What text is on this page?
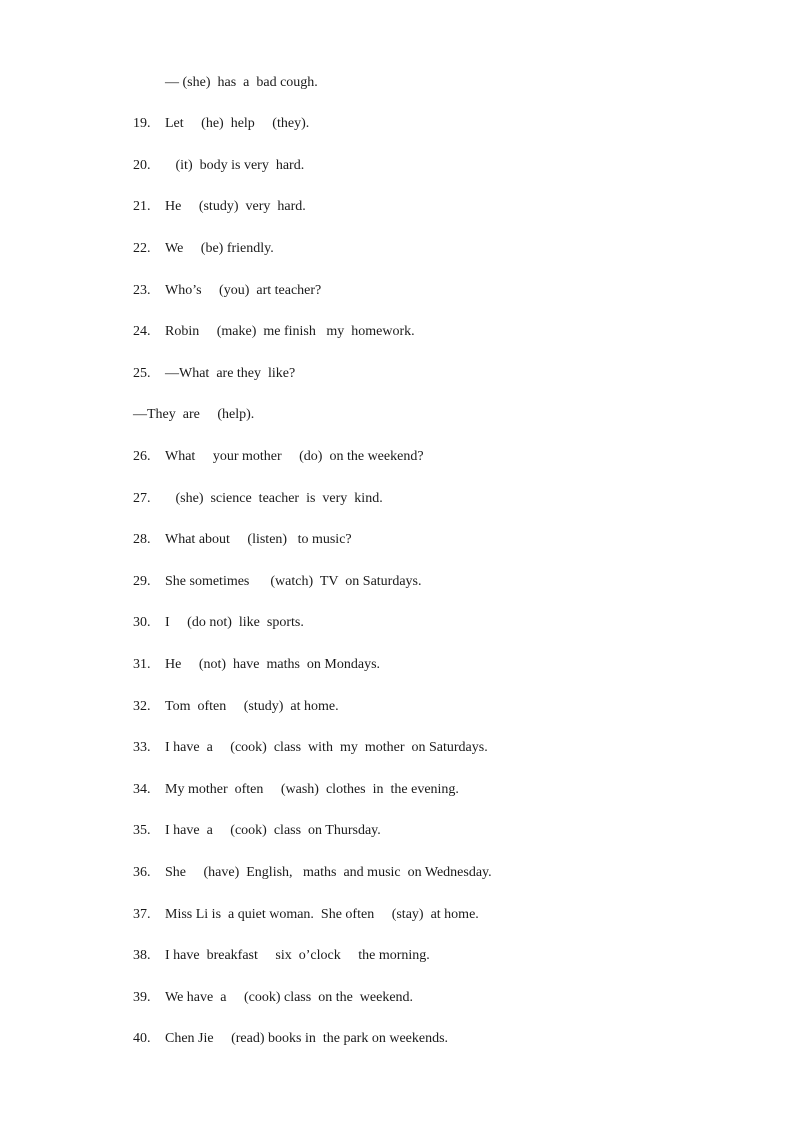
— (she)  has  a  bad cough.
19. Let     (he)  help     (they).
20.   (it)  body is very  hard.
21. He     (study)  very  hard.
22. We     (be) friendly.
23. Who’s     (you)  art teacher?
24. Robin     (make)  me finish   my  homework.
25. —What  are they  like?
—They  are     (help).
26. What     your mother     (do)  on the weekend?
27.   (she)  science  teacher  is  very  kind.
28. What about     (listen)   to music?
29. She sometimes      (watch)  TV  on Saturdays.
30. I     (do not)  like  sports.
31. He     (not)  have  maths  on Mondays.
32. Tom  often     (study)  at home.
33. I have  a     (cook)  class  with  my  mother  on Saturdays.
34. My mother  often     (wash)  clothes  in  the evening.
35. I have  a     (cook)  class  on Thursday.
36. She     (have)  English,   maths  and music  on Wednesday.
37. Miss Li is  a quiet woman.  She often     (stay)  at home.
38. I have  breakfast     six  o’clock     the morning.
39. We have  a     (cook) class  on the  weekend.
40. Chen Jie     (read) books in  the park on weekends.
